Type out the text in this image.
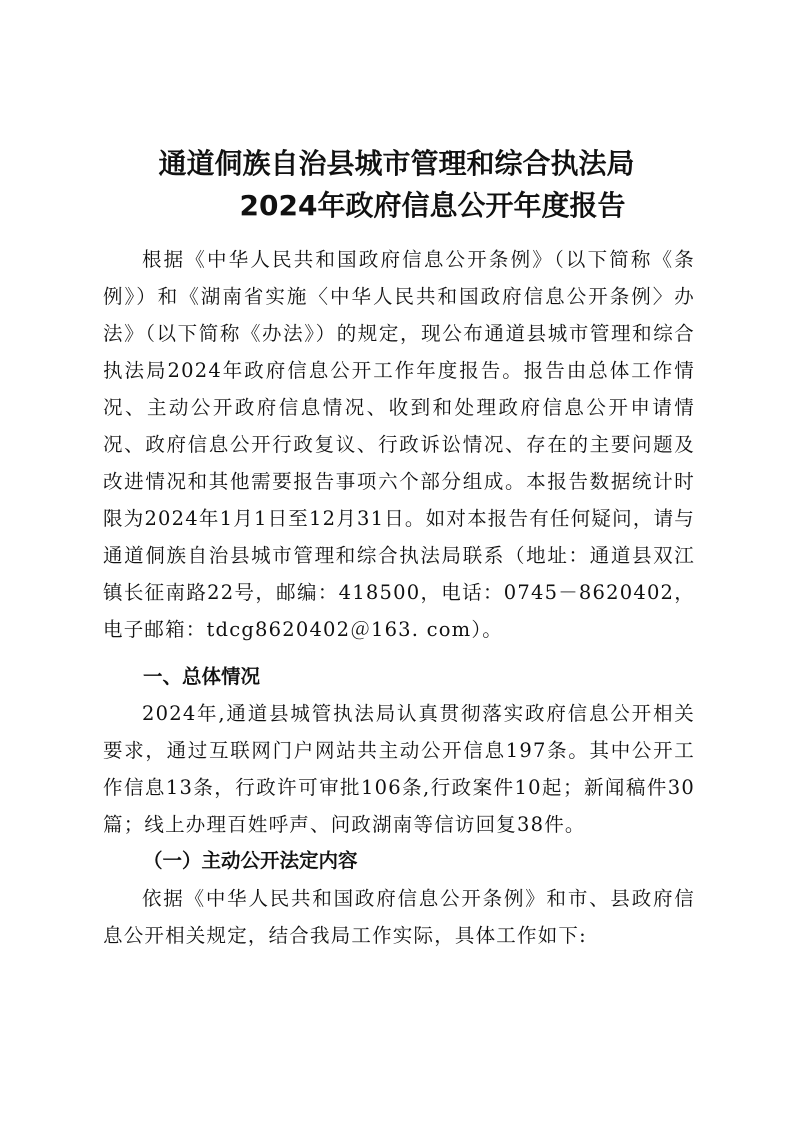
通道侗族自治县城市管理和综合执法局
2024年政府信息公开年度报告

根据《中华人民共和国政府信息公开条例》（以下简称《条例》）和《湖南省实施〈中华人民共和国政府信息公开条例〉办法》（以下简称《办法》）的规定，现公布通道县城市管理和综合执法局2024年政府信息公开工作年度报告。报告由总体工作情况、主动公开政府信息情况、收到和处理政府信息公开申请情况、政府信息公开行政复议、行政诉讼情况、存在的主要问题及改进情况和其他需要报告事项六个部分组成。本报告数据统计时限为2024年1月1日至12月31日。如对本报告有任何疑问，请与通道侗族自治县城市管理和综合执法局联系（地址：通道县双江镇长征南路22号，邮编：418500，电话：0745－8620402，电子邮箱：tdcg8620402＠163. com）。

一、总体情况

2024年,通道县城管执法局认真贯彻落实政府信息公开相关要求，通过互联网门户网站共主动公开信息197条。其中公开工作信息13条，行政许可审批106条,行政案件10起；新闻稿件30篇；线上办理百姓呼声、问政湖南等信访回复38件。

（一）主动公开法定内容

依据《中华人民共和国政府信息公开条例》和市、县政府信息公开相关规定，结合我局工作实际，具体工作如下:
